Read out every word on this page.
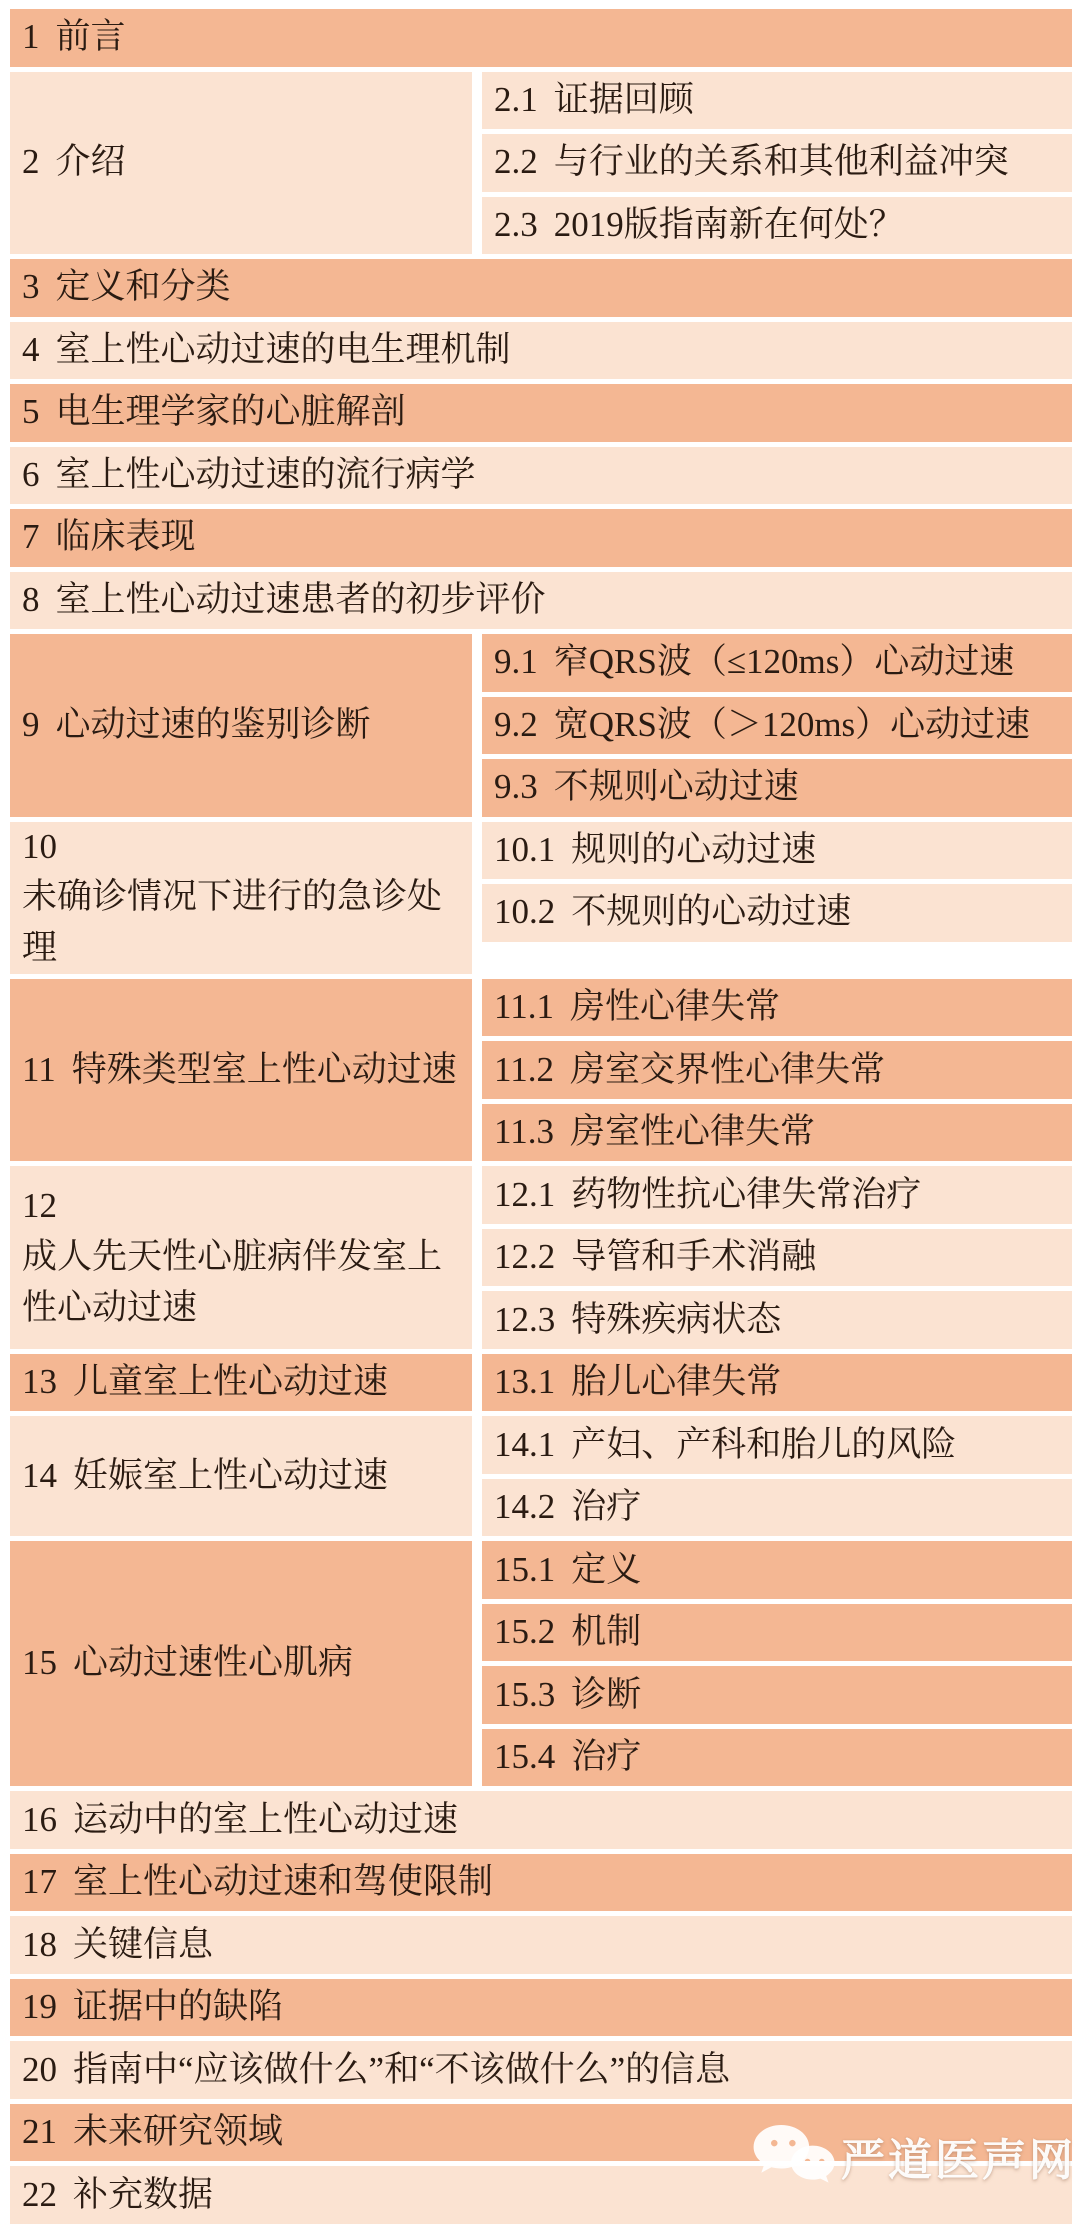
1 前言
2 介绍
2.1 证据回顾
2.2 与行业的关系和其他利益冲突
2.3 2019版指南新在何处？
3 定义和分类
4 室上性心动过速的电生理机制
5 电生理学家的心脏解剖
6 室上性心动过速的流行病学
7 临床表现
8 室上性心动过速患者的初步评价
9 心动过速的鉴别诊断
9.1 窄QRS波（≤120ms）心动过速
9.2 宽QRS波（＞120ms）心动过速
9.3 不规则心动过速
10
未确诊情况下进行的急诊处理
10.1 规则的心动过速
10.2 不规则的心动过速
11 特殊类型室上性心动过速
11.1 房性心律失常
11.2 房室交界性心律失常
11.3 房室性心律失常
12
成人先天性心脏病伴发室上性心动过速
12.1 药物性抗心律失常治疗
12.2 导管和手术消融
12.3 特殊疾病状态
13 儿童室上性心动过速	13.1 胎儿心律失常
14 妊娠室上性心动过速
14.1 产妇、产科和胎儿的风险
14.2 治疗
15 心动过速性心肌病
15.1 定义
15.2 机制
15.3 诊断
15.4 治疗
16 运动中的室上性心动过速
17 室上性心动过速和驾使限制
18 关键信息
19 证据中的缺陷
20 指南中“应该做什么”和“不该做什么”的信息
21 未来研究领域
22 补充数据
严道医声网
